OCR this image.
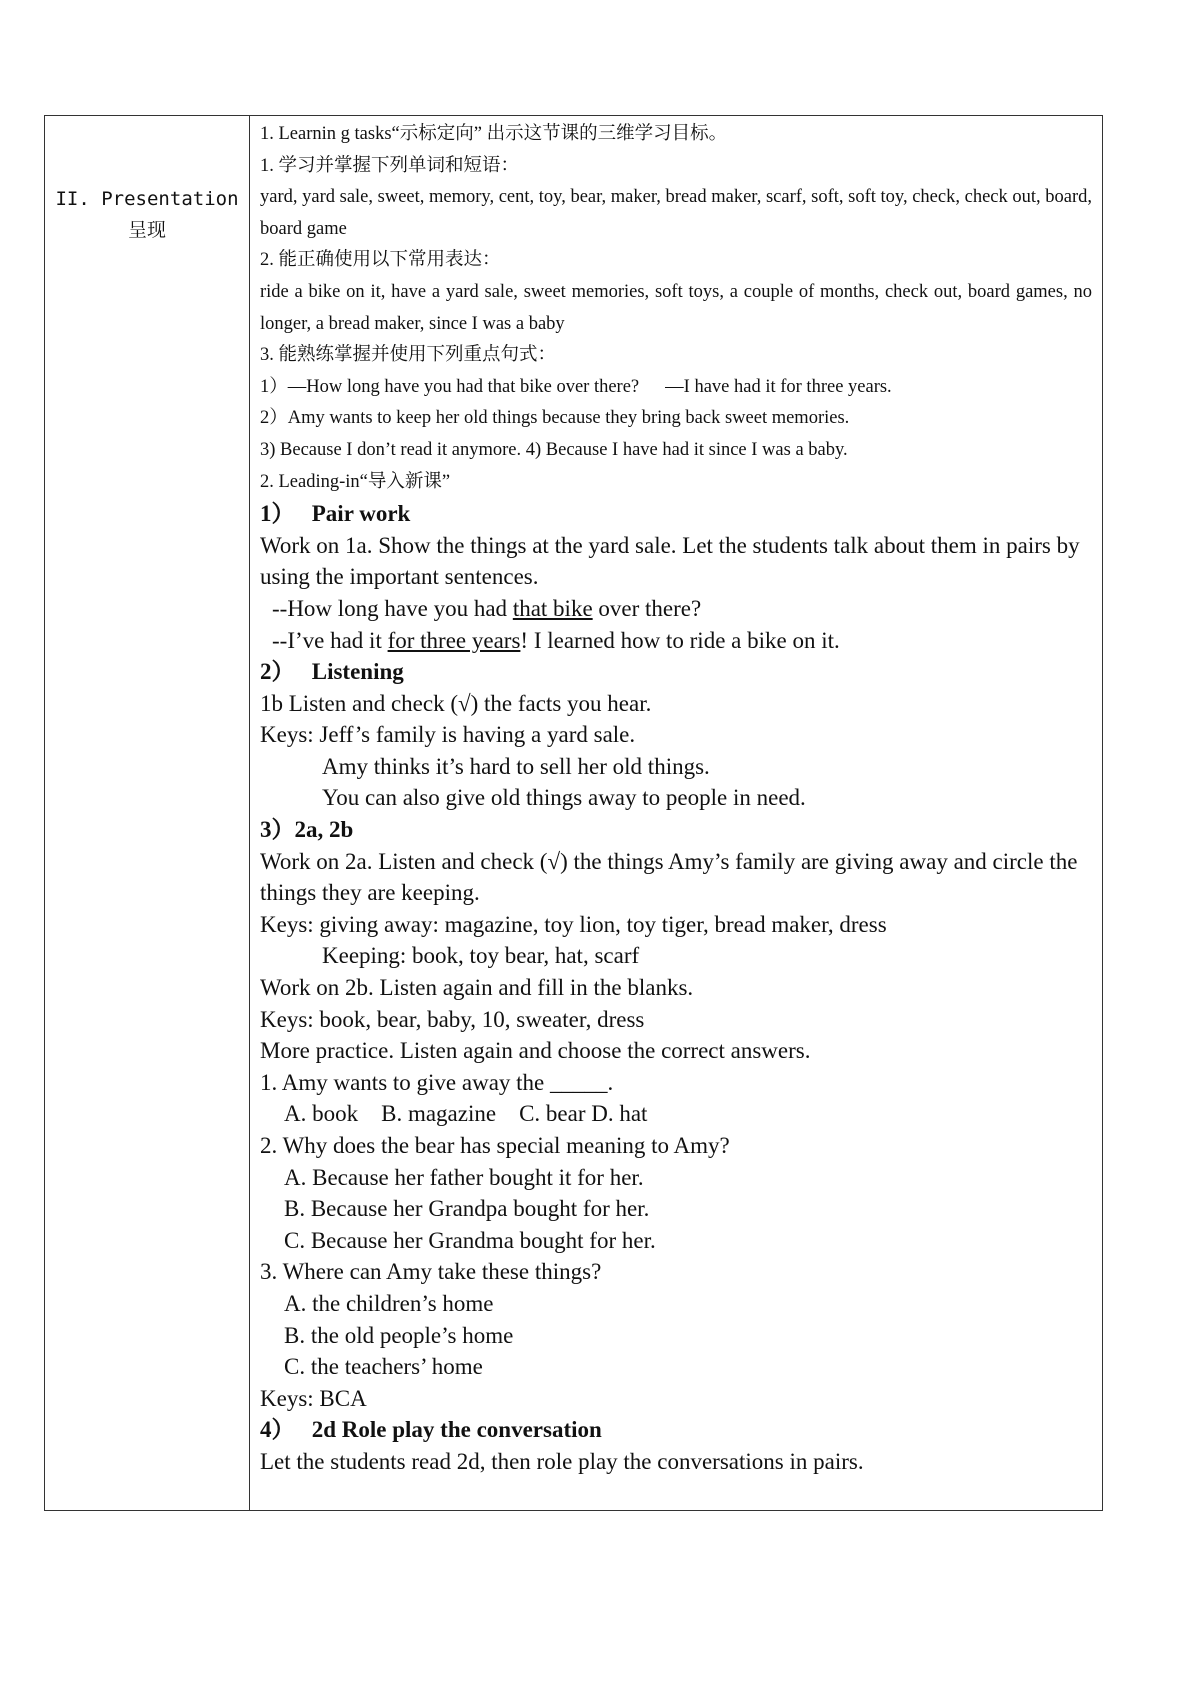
II. Presentation
呈现
1. Learnin g tasks“示标定向” 出示这节课的三维学习目标。
1. 学习并掌握下列单词和短语：
yard, yard sale, sweet, memory, cent, toy, bear, maker, bread maker, scarf, soft, soft toy, check, check out, board, board game
2. 能正确使用以下常用表达：
ride a bike on it, have a yard sale, sweet memories, soft toys, a couple of months, check out, board games, no longer, a bread maker, since I was a baby
3. 能熟练掌握并使用下列重点句式：
1）—How long have you had that bike over there? —I have had it for three years.
2）Amy wants to keep her old things because they bring back sweet memories.
3) Because I don’t read it anymore. 4) Because I have had it since I was a baby.
2. Leading-in“导入新课”
1）   Pair work
Work on 1a. Show the things at the yard sale. Let the students talk about them in pairs by using the important sentences.
--How long have you had that bike over there?
--I’ve had it for three years! I learned how to ride a bike on it.
2）   Listening
1b Listen and check (√) the facts you hear.
Keys: Jeff’s family is having a yard sale.
Amy thinks it’s hard to sell her old things.
You can also give old things away to people in need.
3）2a, 2b
Work on 2a. Listen and check (√) the things Amy’s family are giving away and circle the things they are keeping.
Keys: giving away: magazine, toy lion, toy tiger, bread maker, dress
Keeping: book, toy bear, hat, scarf
Work on 2b. Listen again and fill in the blanks.
Keys: book, bear, baby, 10, sweater, dress
More practice. Listen again and choose the correct answers.
1. Amy wants to give away the _____.
A. book    B. magazine    C. bear D. hat
2. Why does the bear has special meaning to Amy?
A. Because her father bought it for her.
B. Because her Grandpa bought for her.
C. Because her Grandma bought for her.
3. Where can Amy take these things?
A. the children’s home
B. the old people’s home
C. the teachers’ home
Keys: BCA
4）   2d Role play the conversation
Let the students read 2d, then role play the conversations in pairs.
